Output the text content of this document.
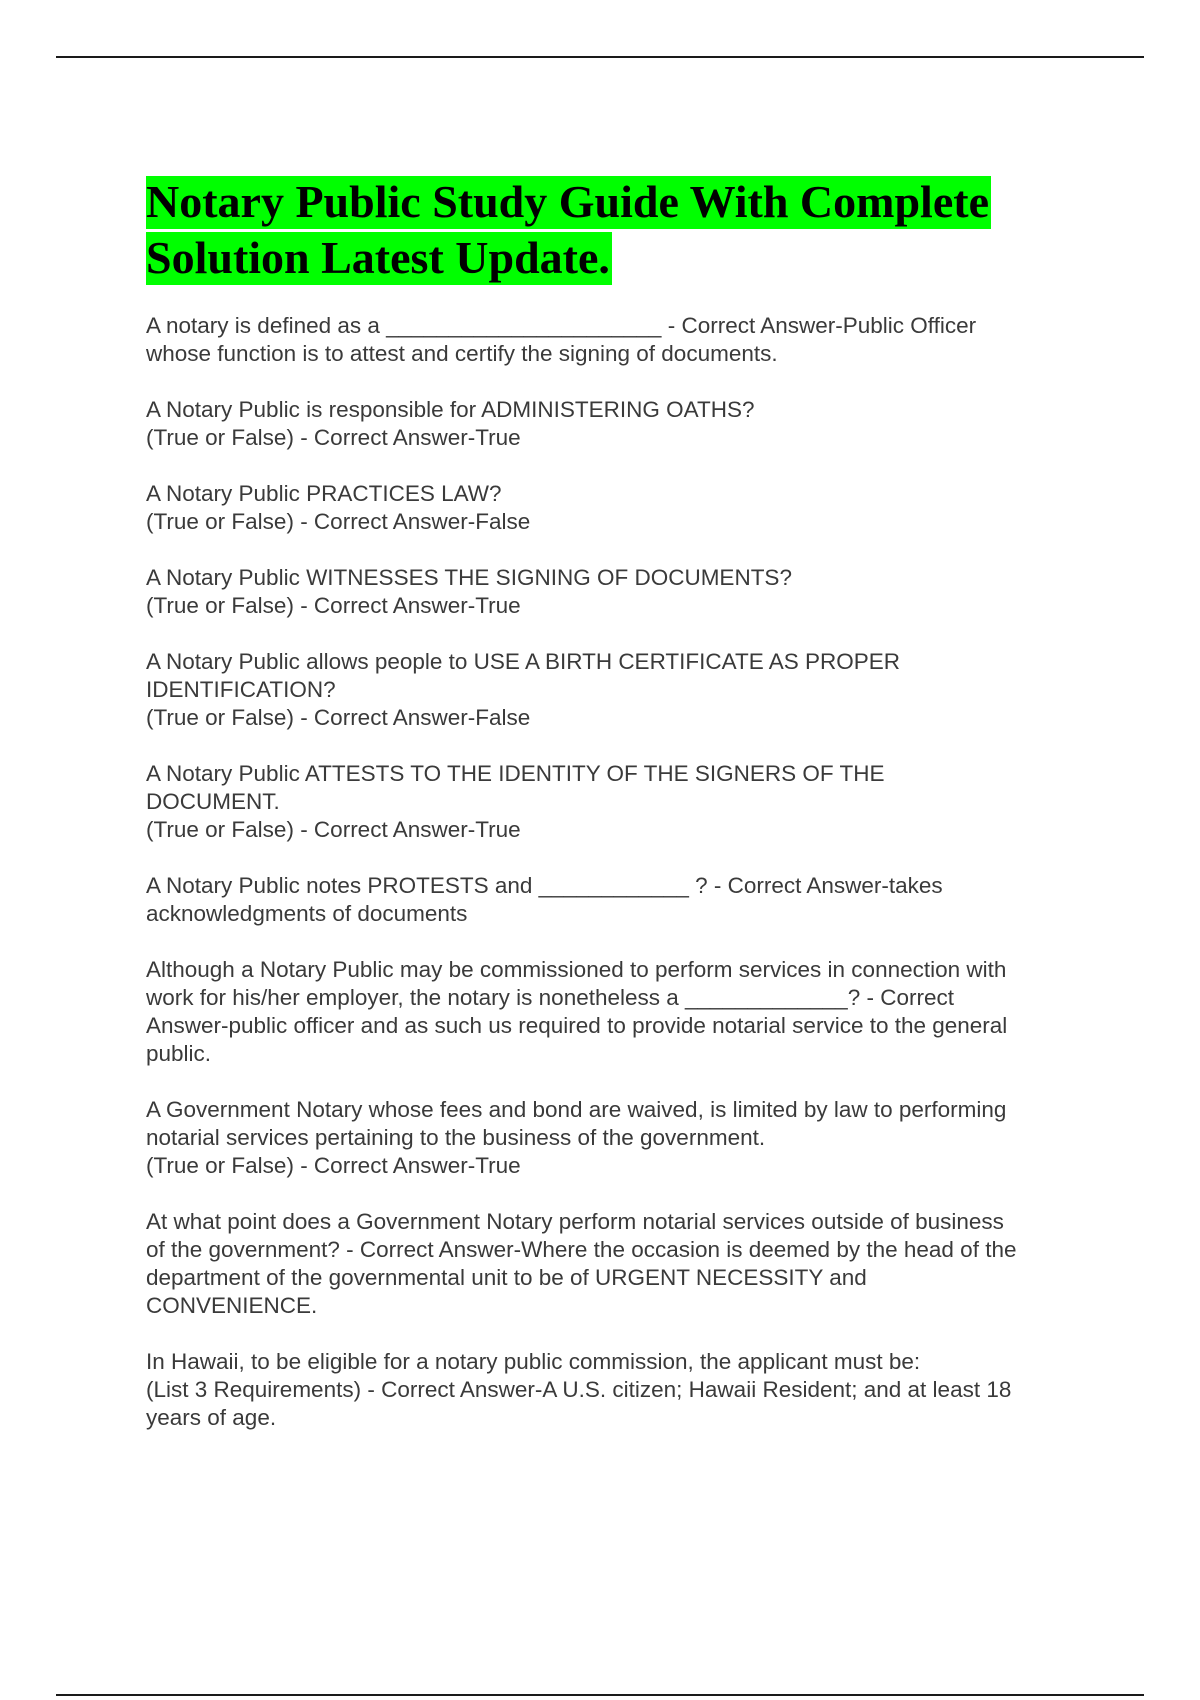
Notary Public Study Guide With Complete Solution Latest Update.
A notary is defined as a ______________________ - Correct Answer-Public Officer
whose function is to attest and certify the signing of documents.
A Notary Public is responsible for ADMINISTERING OATHS?
(True or False) - Correct Answer-True
A Notary Public PRACTICES LAW?
(True or False) - Correct Answer-False
A Notary Public WITNESSES THE SIGNING OF DOCUMENTS?
(True or False) - Correct Answer-True
A Notary Public allows people to USE A BIRTH CERTIFICATE AS PROPER
IDENTIFICATION?
(True or False) - Correct Answer-False
A Notary Public ATTESTS TO THE IDENTITY OF THE SIGNERS OF THE
DOCUMENT.
(True or False) - Correct Answer-True
A Notary Public notes PROTESTS and ____________ ? - Correct Answer-takes
acknowledgments of documents
Although a Notary Public may be commissioned to perform services in connection with
work for his/her employer, the notary is nonetheless a _____________? - Correct
Answer-public officer and as such us required to provide notarial service to the general
public.
A Government Notary whose fees and bond are waived, is limited by law to performing
notarial services pertaining to the business of the government.
(True or False) - Correct Answer-True
At what point does a Government Notary perform notarial services outside of business
of the government? - Correct Answer-Where the occasion is deemed by the head of the
department of the governmental unit to be of URGENT NECESSITY and
CONVENIENCE.
In Hawaii, to be eligible for a notary public commission, the applicant must be:
(List 3 Requirements) - Correct Answer-A U.S. citizen; Hawaii Resident; and at least 18
years of age.
